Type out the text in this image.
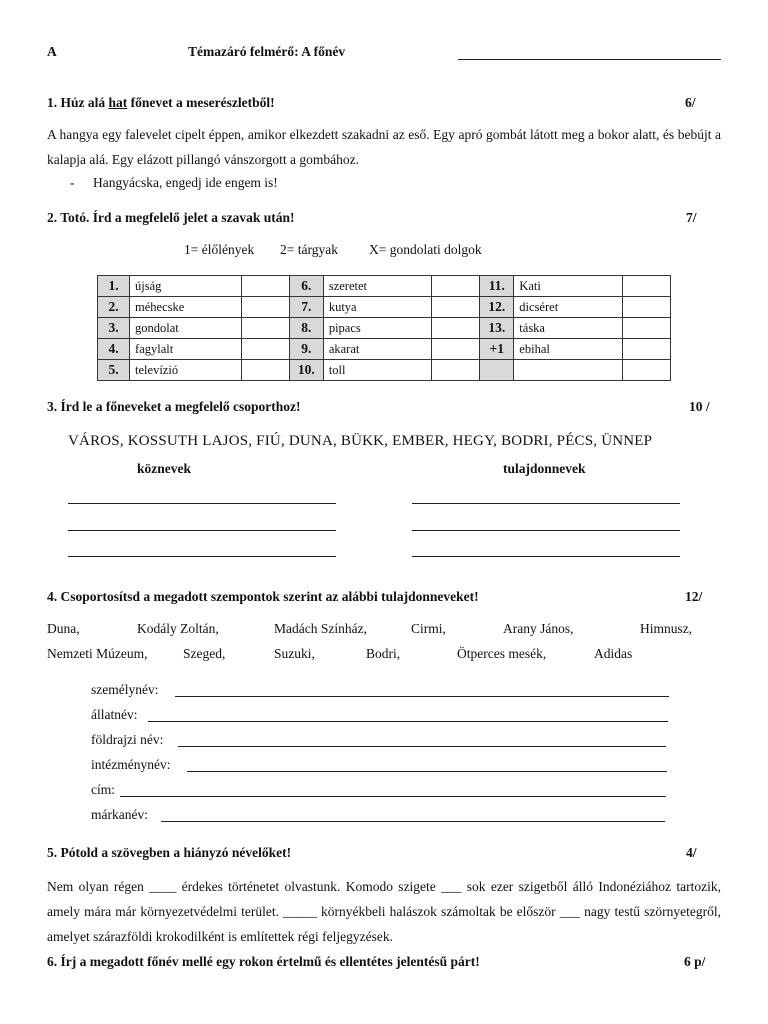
A	Témazáró felmérő: A főnév
1. Húz alá hat főnevet a meserészletből!	6/
A hangya egy falevelet cipelt éppen, amikor elkezdett szakadni az eső. Egy apró gombát látott meg a bokor alatt, és bebújt a kalapja alá. Egy elázott pillangó vánszorgott a gombához.
- Hangyácska, engedj ide engem is!
2. Totó. Írd a megfelelő jelet a szavak után!	7/
1= élőlények 2= tárgyak X= gondolati dolgok
1.	újság		6.	szeretet		11.	Kati	
2.	méhecske		7.	kutya		12.	dicséret	
3.	gondolat		8.	pipacs		13.	táska	
4.	fagylalt		9.	akarat		+1	ebihal	
5.	televízió		10.	toll				
3. Írd le a főneveket a megfelelő csoporthoz!	10 /
VÁROS, KOSSUTH LAJOS, FIÚ, DUNA, BÜKK, EMBER, HEGY, BODRI, PÉCS, ÜNNEP
köznevek	tulajdonnevek
4. Csoportosítsd a megadott szempontok szerint az alábbi tulajdonneveket!	12/
Duna,	Kodály Zoltán,	Madách Színház,	Cirmi,	Arany János,	Himnusz,
Nemzeti Múzeum,	Szeged,	Suzuki,	Bodri,	Ötperces mesék,	Adidas
személynév:
állatnév:
földrajzi név:
intézménynév:
cím:
márkanév:
5. Pótold a szövegben a hiányzó névelőket!	4/
Nem olyan régen ____ érdekes történetet olvastunk. Komodo szigete ___ sok ezer szigetből álló Indonéziához tartozik, amely mára már környezetvédelmi terület. _____ környékbeli halászok számoltak be először ___ nagy testű szörnyetegről, amelyet szárazföldi krokodilként is említettek régi feljegyzések.
6. Írj a megadott főnév mellé egy rokon értelmű és ellentétes jelentésű párt!	6 p/
